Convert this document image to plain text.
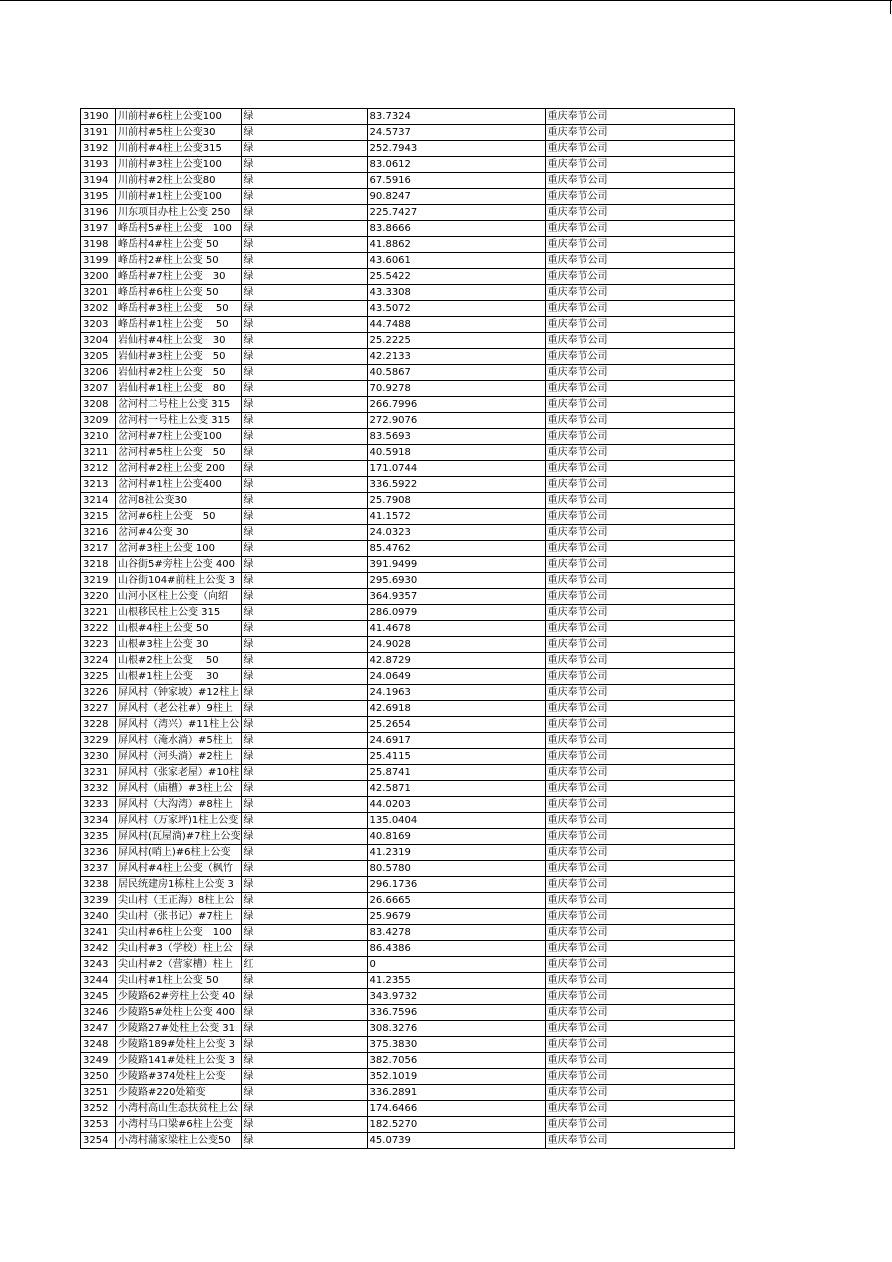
3190	川前村#6柱上公变100	绿	83.7324	重庆奉节公司
3191	川前村#5柱上公变30	绿	24.5737	重庆奉节公司
3192	川前村#4柱上公变315	绿	252.7943	重庆奉节公司
3193	川前村#3柱上公变100	绿	83.0612	重庆奉节公司
3194	川前村#2柱上公变80	绿	67.5916	重庆奉节公司
3195	川前村#1柱上公变100	绿	90.8247	重庆奉节公司
3196	川东项目办柱上公变 250	绿	225.7427	重庆奉节公司
3197	峰岳村5#柱上公变　100	绿	83.8666	重庆奉节公司
3198	峰岳村4#柱上公变 50	绿	41.8862	重庆奉节公司
3199	峰岳村2#柱上公变 50	绿	43.6061	重庆奉节公司
3200	峰岳村#7柱上公变　30	绿	25.5422	重庆奉节公司
3201	峰岳村#6柱上公变 50	绿	43.3308	重庆奉节公司
3202	峰岳村#3柱上公变　 50	绿	43.5072	重庆奉节公司
3203	峰岳村#1柱上公变　 50	绿	44.7488	重庆奉节公司
3204	岩仙村#4柱上公变　30	绿	25.2225	重庆奉节公司
3205	岩仙村#3柱上公变　50	绿	42.2133	重庆奉节公司
3206	岩仙村#2柱上公变　50	绿	40.5867	重庆奉节公司
3207	岩仙村#1柱上公变　80	绿	70.9278	重庆奉节公司
3208	岔河村二号柱上公变 315	绿	266.7996	重庆奉节公司
3209	岔河村一号柱上公变 315	绿	272.9076	重庆奉节公司
3210	岔河村#7柱上公变100	绿	83.5693	重庆奉节公司
3211	岔河村#5柱上公变　50	绿	40.5918	重庆奉节公司
3212	岔河村#2柱上公变 200	绿	171.0744	重庆奉节公司
3213	岔河村#1柱上公变400	绿	336.5922	重庆奉节公司
3214	岔河8社公变30	绿	25.7908	重庆奉节公司
3215	岔河#6柱上公变　50	绿	41.1572	重庆奉节公司
3216	岔河#4公变 30	绿	24.0323	重庆奉节公司
3217	岔河#3柱上公变 100	绿	85.4762	重庆奉节公司
3218	山谷街5#旁柱上公变 400	绿	391.9499	重庆奉节公司
3219	山谷街104#前柱上公变 3	绿	295.6930	重庆奉节公司
3220	山河小区柱上公变（向绍	绿	364.9357	重庆奉节公司
3221	山根移民柱上公变 315	绿	286.0979	重庆奉节公司
3222	山根#4柱上公变 50	绿	41.4678	重庆奉节公司
3223	山根#3柱上公变 30	绿	24.9028	重庆奉节公司
3224	山根#2柱上公变　 50	绿	42.8729	重庆奉节公司
3225	山根#1柱上公变　 30	绿	24.0649	重庆奉节公司
3226	屏风村（钟家坡）#12柱上	绿	24.1963	重庆奉节公司
3227	屏风村（老公社#）9柱上	绿	42.6918	重庆奉节公司
3228	屏风村（湾兴）#11柱上公	绿	25.2654	重庆奉节公司
3229	屏风村（淹水淌）#5柱上	绿	24.6917	重庆奉节公司
3230	屏风村（河头淌）#2柱上	绿	25.4115	重庆奉节公司
3231	屏风村（张家老屋）#10柱	绿	25.8741	重庆奉节公司
3232	屏风村（庙槽）#3柱上公	绿	42.5871	重庆奉节公司
3233	屏风村（大沟湾）#8柱上	绿	44.0203	重庆奉节公司
3234	屏风村（万家坪)1柱上公变	绿	135.0404	重庆奉节公司
3235	屏风村(瓦屋淌)#7柱上公变	绿	40.8169	重庆奉节公司
3236	屏风村(哨上)#6柱上公变	绿	41.2319	重庆奉节公司
3237	屏风村#4柱上公变（枫竹	绿	80.5780	重庆奉节公司
3238	居民统建房1栋柱上公变 3	绿	296.1736	重庆奉节公司
3239	尖山村（王正海）8柱上公	绿	26.6665	重庆奉节公司
3240	尖山村（张书记）#7柱上	绿	25.9679	重庆奉节公司
3241	尖山村#6柱上公变　100	绿	83.4278	重庆奉节公司
3242	尖山村#3（学校）柱上公	绿	86.4386	重庆奉节公司
3243	尖山村#2（营家槽）柱上	红	0	重庆奉节公司
3244	尖山村#1柱上公变 50	绿	41.2355	重庆奉节公司
3245	少陵路62#旁柱上公变 40	绿	343.9732	重庆奉节公司
3246	少陵路5#处柱上公变 400	绿	336.7596	重庆奉节公司
3247	少陵路27#处柱上公变 31	绿	308.3276	重庆奉节公司
3248	少陵路189#处柱上公变 3	绿	375.3830	重庆奉节公司
3249	少陵路141#处柱上公变 3	绿	382.7056	重庆奉节公司
3250	少陵路#374处柱上公变	绿	352.1019	重庆奉节公司
3251	少陵路#220处箱变	绿	336.2891	重庆奉节公司
3252	小湾村高山生态扶贫柱上公	绿	174.6466	重庆奉节公司
3253	小湾村马口梁#6柱上公变	绿	182.5270	重庆奉节公司
3254	小湾村蒲家梁柱上公变50	绿	45.0739	重庆奉节公司
